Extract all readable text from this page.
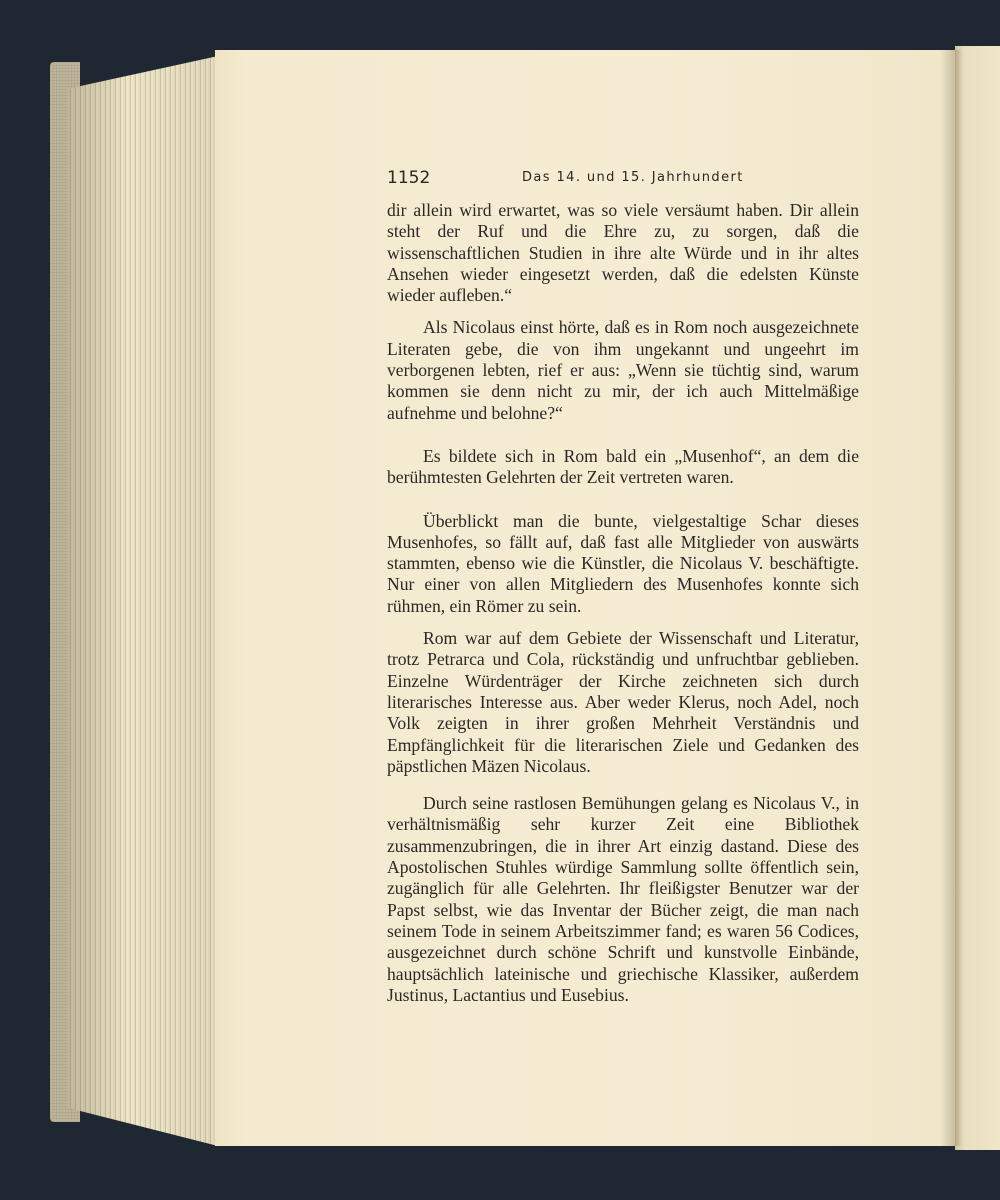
1152	Das 14. und 15. Jahrhundert

dir allein wird erwartet, was so viele versäumt haben. Dir allein steht der Ruf und die Ehre zu, zu sorgen, daß die wissenschaftlichen Studien in ihre alte Würde und in ihr altes Ansehen wieder eingesetzt werden, daß die edelsten Künste wieder aufleben.“

Als Nicolaus einst hörte, daß es in Rom noch ausgezeichnete Literaten gebe, die von ihm ungekannt und ungeehrt im verborgenen lebten, rief er aus: „Wenn sie tüchtig sind, warum kommen sie denn nicht zu mir, der ich auch Mittelmäßige aufnehme und belohne?“

Es bildete sich in Rom bald ein „Musenhof“, an dem die berühmtesten Gelehrten der Zeit vertreten waren.

Überblickt man die bunte, vielgestaltige Schar dieses Musenhofes, so fällt auf, daß fast alle Mitglieder von auswärts stammten, ebenso wie die Künstler, die Nicolaus V. beschäftigte. Nur einer von allen Mitgliedern des Musenhofes konnte sich rühmen, ein Römer zu sein.

Rom war auf dem Gebiete der Wissenschaft und Literatur, trotz Petrarca und Cola, rückständig und unfruchtbar geblieben. Einzelne Würdenträger der Kirche zeichneten sich durch literarisches Interesse aus. Aber weder Klerus, noch Adel, noch Volk zeigten in ihrer großen Mehrheit Verständnis und Empfänglichkeit für die literarischen Ziele und Gedanken des päpstlichen Mäzen Nicolaus.

Durch seine rastlosen Bemühungen gelang es Nicolaus V., in verhältnismäßig sehr kurzer Zeit eine Bibliothek zusammenzubringen, die in ihrer Art einzig dastand. Diese des Apostolischen Stuhles würdige Sammlung sollte öffentlich sein, zugänglich für alle Gelehrten. Ihr fleißigster Benutzer war der Papst selbst, wie das Inventar der Bücher zeigt, die man nach seinem Tode in seinem Arbeitszimmer fand; es waren 56 Codices, ausgezeichnet durch schöne Schrift und kunstvolle Einbände, hauptsächlich lateinische und griechische Klassiker, außerdem Justinus, Lactantius und Eusebius.
